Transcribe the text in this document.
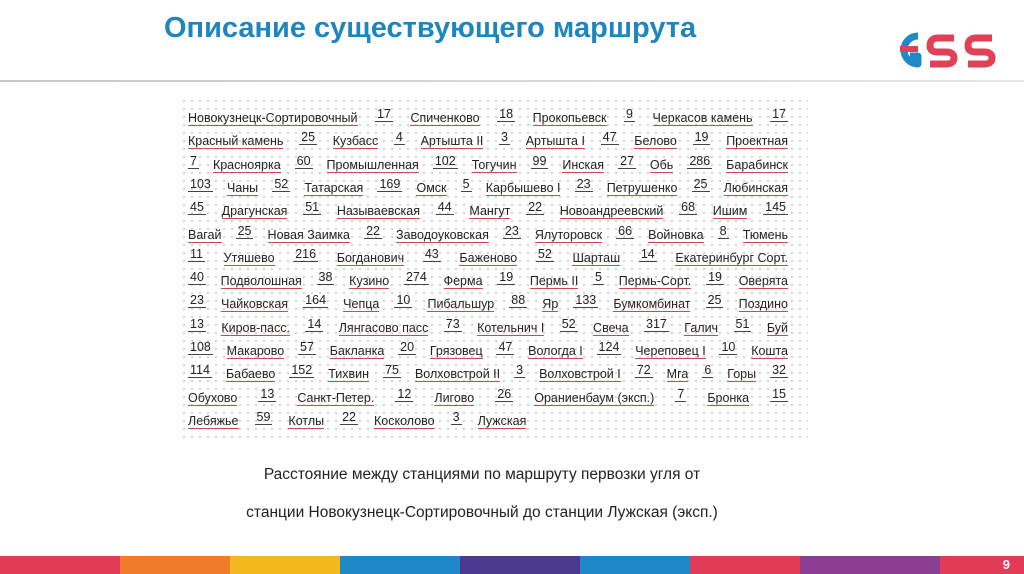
Описание существующего маршрута
Новокузнецк-Сортировочный 17 Спиченково 18 Прокопьевск 9 Черкасов камень 17
Красный камень 25 Кузбасс 4 Артышта II 3 Артышта I 47 Белово 19 Проектная
7 Красноярка 60 Промышленная 102 Тогучин 99 Инская 27 Обь 286 Барабинск
103 Чаны 52 Татарская 169 Омск 5 Карбышево I 23 Петрушенко 25 Любинская
45 Драгунская 51 Называевская 44 Мангут 22 Новоандреевский 68 Ишим 145
Вагай 25 Новая Заимка 22 Заводоуковская 23 Ялуторовск 66 Войновка 8 Тюмень
11 Утяшево 216 Богданович 43 Баженово 52 Шарташ 14 Екатеринбург Сорт.
40 Подволошная 38 Кузино 274 Ферма 19 Пермь II 5 Пермь-Сорт. 19 Оверята
23 Чайковская 164 Чепца 10 Пибальшур 88 Яр 133 Бумкомбинат 25 Поздино
13 Киров-пасс. 14 Лянгасово пасс 73 Котельнич I 52 Свеча 317 Галич 51 Буй
108 Макарово 57 Бакланка 20 Грязовец 47 Вологда I 124 Череповец I 10 Кошта
114 Бабаево 152 Тихвин 75 Волховстрой II 3 Волховстрой I 72 Мга 6 Горы 32
Обухово 13 Санкт-Петер. 12 Лигово 26 Ораниенбаум (эксп.) 7 Бронка 15
Лебяжье 59 Котлы 22 Косколово 3 Лужская

Расстояние между станциями по маршруту первозки угля от

станции Новокузнецк-Сортировочный до станции Лужская (эксп.)

9
